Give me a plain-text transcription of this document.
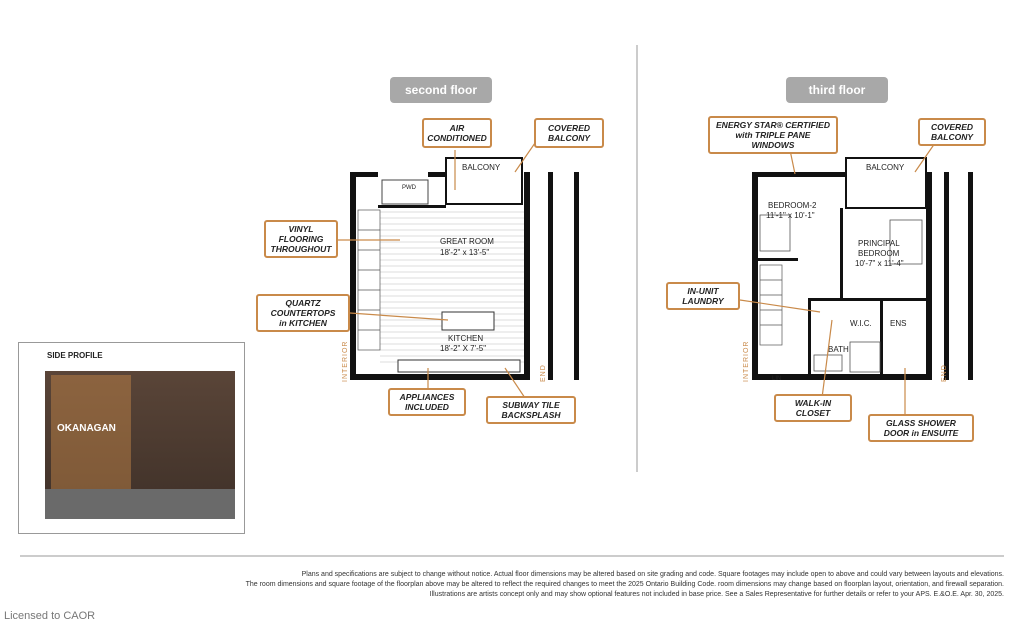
second floor	third floor
BALCONY
PWD
GREAT ROOM
18'-2" x 13'-5"
KITCHEN
18'-2" X 7'-5"
INTERIOR	END
BALCONY
BEDROOM-2
11'-1" x 10'-1"
PRINCIPAL
BEDROOM
10'-7" x 11'-4"
W.I.C. ENS
BATH
LIN
INTERIOR	END
AIR
CONDITIONED
COVERED
BALCONY
VINYL
FLOORING
THROUGHOUT
QUARTZ
COUNTERTOPS
in KITCHEN
APPLIANCES
INCLUDED	SUBWAY TILE
BACKSPLASH
ENERGY STAR® CERTIFIED
with TRIPLE PANE
WINDOWS
COVERED
BALCONY
IN-UNIT
LAUNDRY
WALK-IN
CLOSET
GLASS SHOWER
DOOR in ENSUITE
SIDE PROFILE
OKANAGAN
Plans and specifications are subject to change without notice. Actual floor dimensions may be altered based on site grading and code. Square footages may include open to above and could vary between layouts and elevations.
The room dimensions and square footage of the floorplan above may be altered to reflect the required changes to meet the 2025 Ontario Building Code. room dimensions may change based on floorplan layout, orientation, and firewall separation.
Illustrations are artists concept only and may show optional features not included in base price. See a Sales Representative for further details or refer to your APS. E.&O.E. Apr. 30, 2025.
Licensed to CAOR
